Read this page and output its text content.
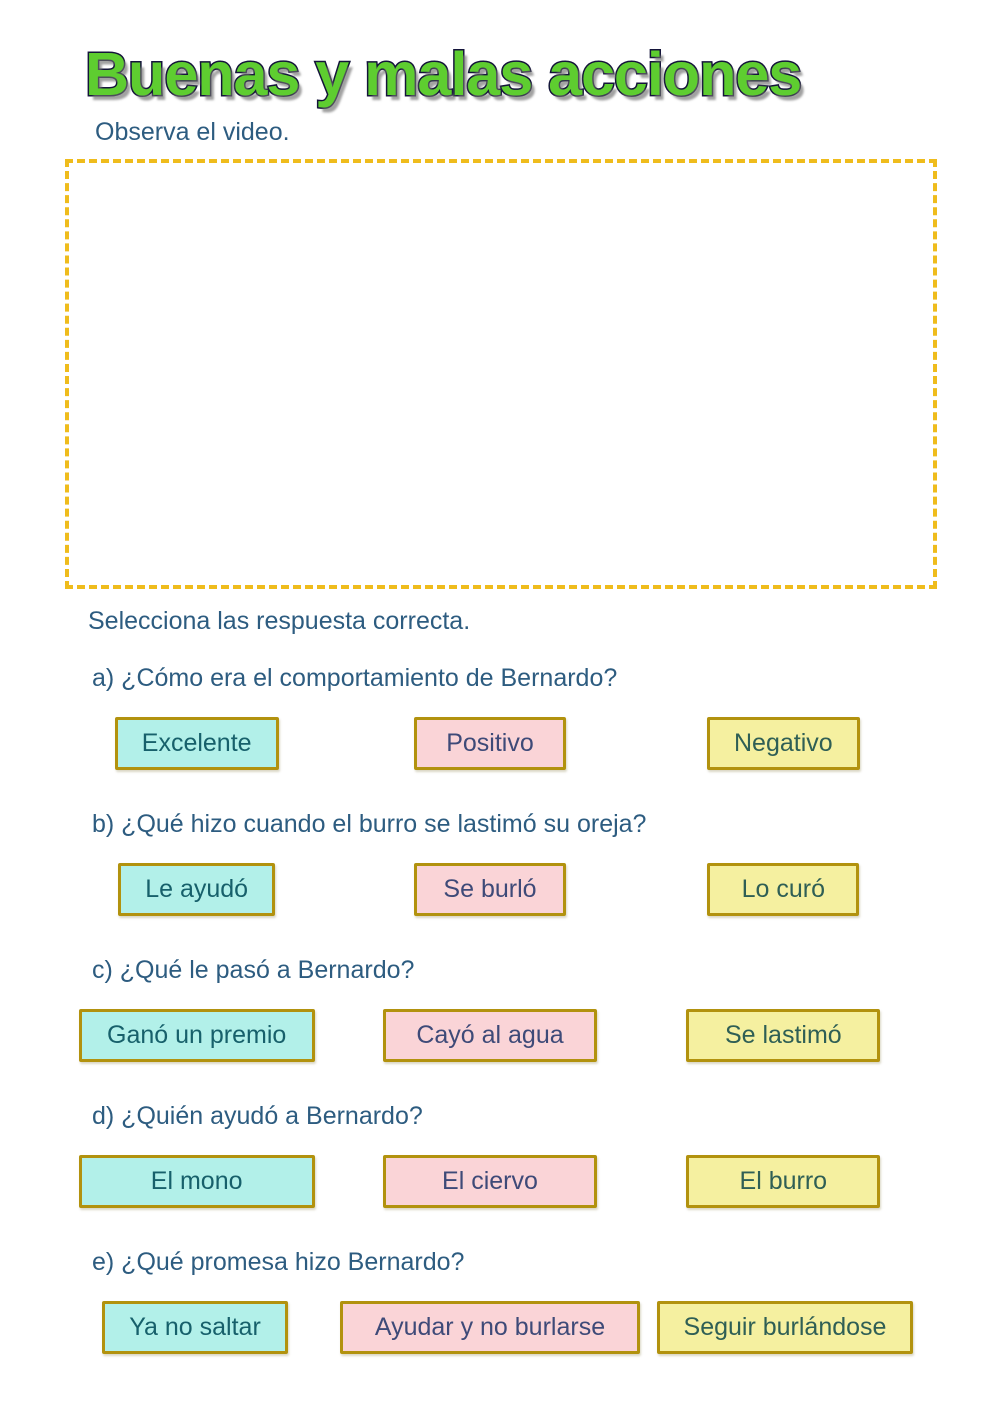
Buenas y malas acciones

Observa el video.

Selecciona las respuesta correcta.

a) ¿Cómo era el comportamiento de Bernardo?

Excelente	Positivo	Negativo

b) ¿Qué hizo cuando el burro se lastimó su oreja?

Le ayudó	Se burló	Lo curó

c) ¿Qué le pasó a Bernardo?

Ganó un premio	Cayó al agua	Se lastimó

d) ¿Quién ayudó a Bernardo?

El mono	El ciervo	El burro

e) ¿Qué promesa hizo Bernardo?

Ya no saltar	Ayudar y no burlarse	Seguir burlándose
